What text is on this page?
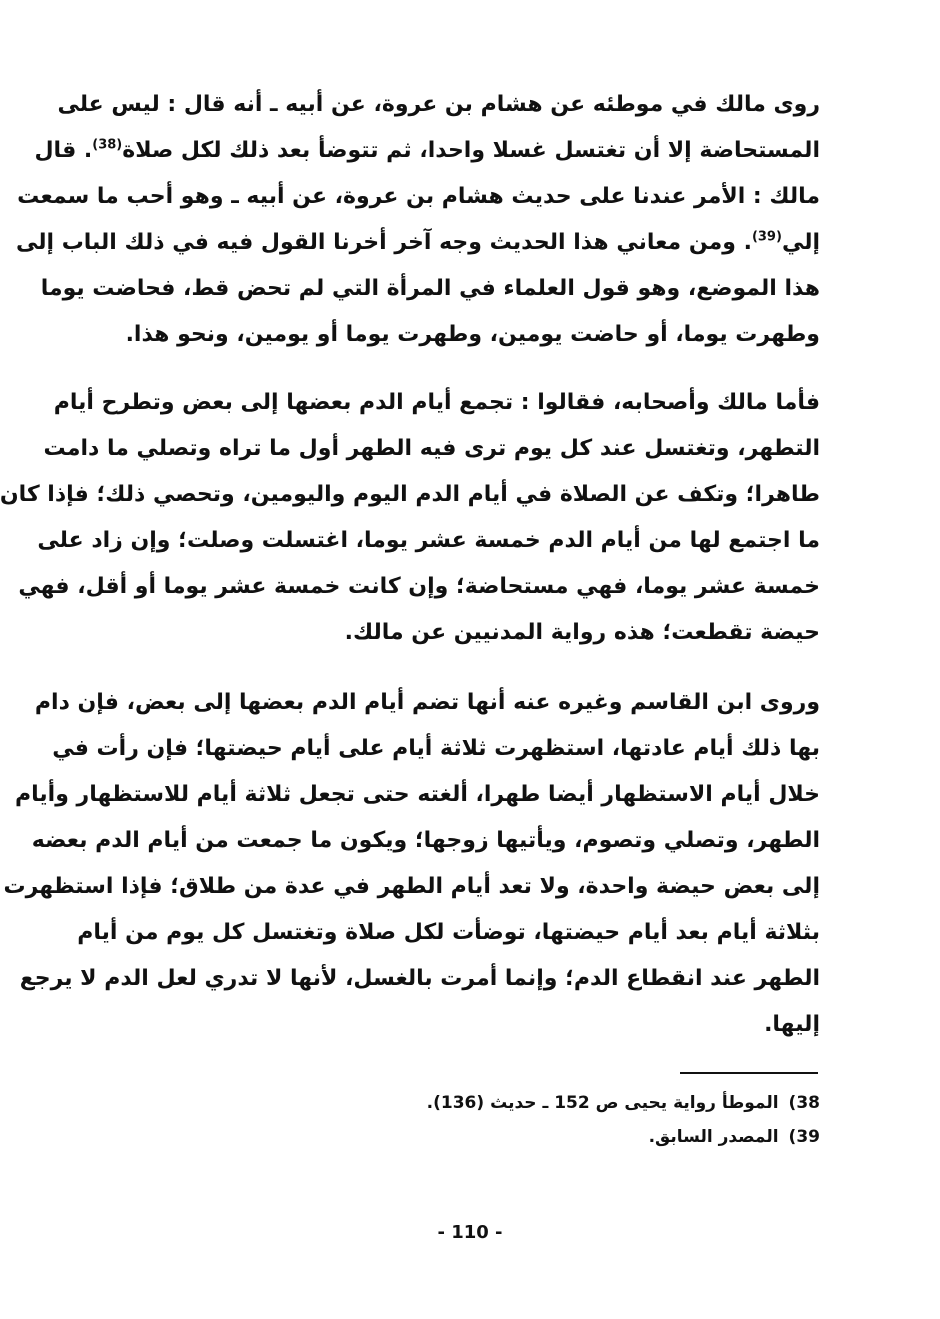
روى مالك في موطئه عن هشام بن عروة، عن أبيه ـ أنه قال : ليس على
المستحاضة إلا أن تغتسل غسلا واحدا، ثم تتوضأ بعد ذلك لكل صلاة$^{(38)}$. قال
مالك : الأمر عندنا على حديث هشام بن عروة، عن أبيه ـ وهو أحب ما سمعت
إلي$^{(39)}$. ومن معاني هذا الحديث وجه آخر أخرنا القول فيه في ذلك الباب إلى
هذا الموضع، وهو قول العلماء في المرأة التي لم تحض قط، فحاضت يوما
وطهرت يوما، أو حاضت يومين، وطهرت يوما أو يومين، ونحو هذا.
فأما مالك وأصحابه، فقالوا : تجمع أيام الدم بعضها إلى بعض وتطرح أيام
التطهر، وتغتسل عند كل يوم ترى فيه الطهر أول ما تراه وتصلي ما دامت
طاهرا؛ وتكف عن الصلاة في أيام الدم اليوم واليومين، وتحصي ذلك؛ فإذا كان
ما اجتمع لها من أيام الدم خمسة عشر يوما، اغتسلت وصلت؛ وإن زاد على
خمسة عشر يوما، فهي مستحاضة؛ وإن كانت خمسة عشر يوما أو أقل، فهي
حيضة تقطعت؛ هذه رواية المدنيين عن مالك.
وروى ابن القاسم وغيره عنه أنها تضم أيام الدم بعضها إلى بعض، فإن دام
بها ذلك أيام عادتها، استظهرت ثلاثة أيام على أيام حيضتها؛ فإن رأت في
خلال أيام الاستظهار أيضا طهرا، ألغته حتى تجعل ثلاثة أيام للاستظهار وأيام
الطهر، وتصلي وتصوم، ويأتيها زوجها؛ ويكون ما جمعت من أيام الدم بعضه
إلى بعض حيضة واحدة، ولا تعد أيام الطهر في عدة من طلاق؛ فإذا استظهرت
بثلاثة أيام بعد أيام حيضتها، توضأت لكل صلاة وتغتسل كل يوم من أيام
الطهر عند انقطاع الدم؛ وإنما أمرت بالغسل، لأنها لا تدري لعل الدم لا يرجع
إليها.
38)الموطأ رواية يحيى ص 152 ـ حديث (136).
39)المصدر السابق.
- 110 -
